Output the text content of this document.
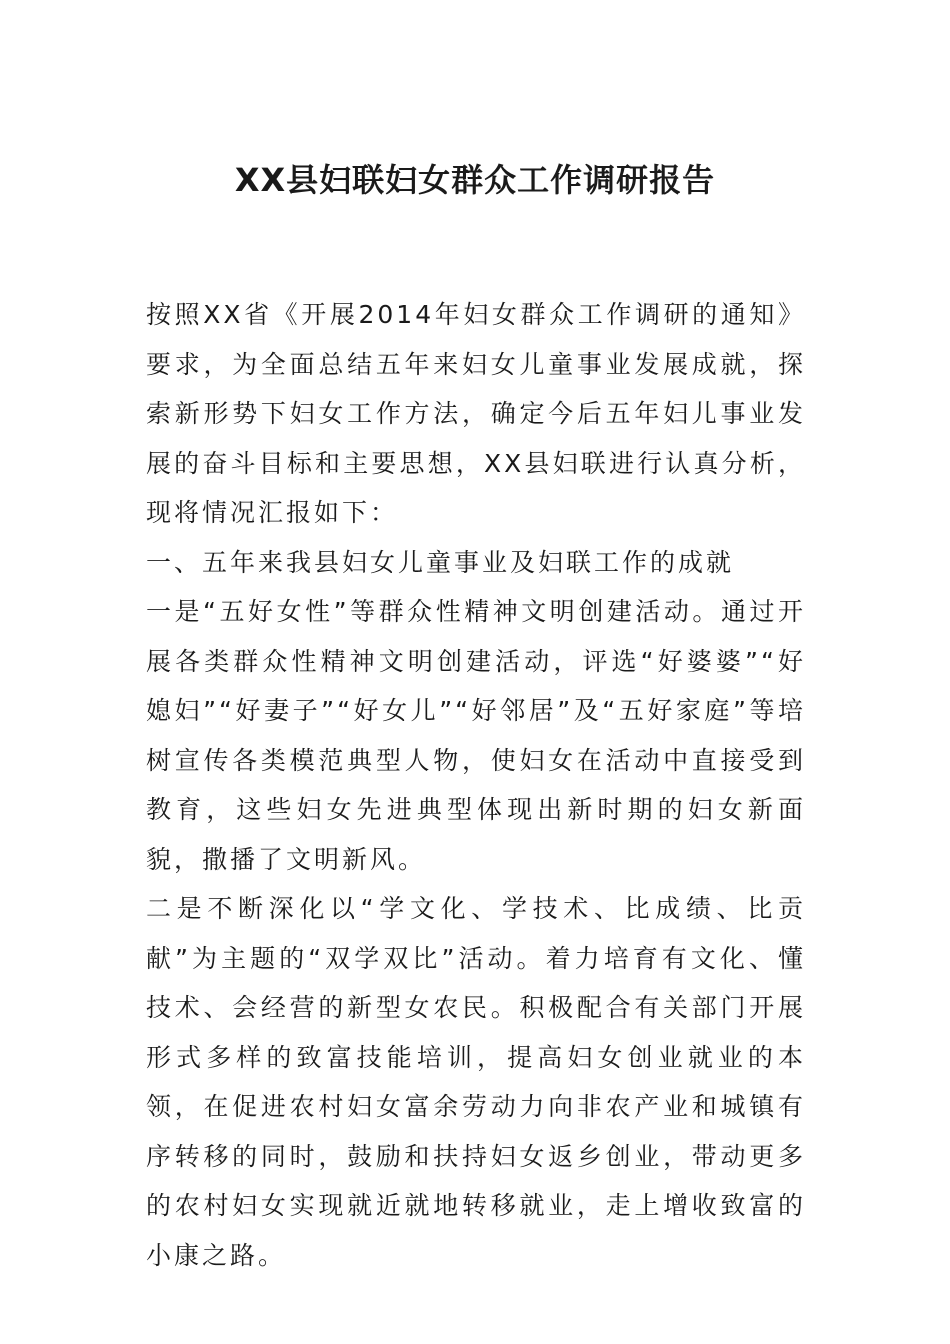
XX县妇联妇女群众工作调研报告

按照XX省《开展2014年妇女群众工作调研的通知》要求，为全面总结五年来妇女儿童事业发展成就，探索新形势下妇女工作方法，确定今后五年妇儿事业发展的奋斗目标和主要思想，XX县妇联进行认真分析，现将情况汇报如下：

一、五年来我县妇女儿童事业及妇联工作的成就

一是“五好女性”等群众性精神文明创建活动。通过开展各类群众性精神文明创建活动，评选“好婆婆”“好媳妇”“好妻子”“好女儿”“好邻居”及“五好家庭”等培树宣传各类模范典型人物，使妇女在活动中直接受到教育，这些妇女先进典型体现出新时期的妇女新面貌，撒播了文明新风。

二是不断深化以“学文化、学技术、比成绩、比贡献”为主题的“双学双比”活动。着力培育有文化、懂技术、会经营的新型女农民。积极配合有关部门开展形式多样的致富技能培训，提高妇女创业就业的本领，在促进农村妇女富余劳动力向非农产业和城镇有序转移的同时，鼓励和扶持妇女返乡创业，带动更多的农村妇女实现就近就地转移就业，走上增收致富的小康之路。
